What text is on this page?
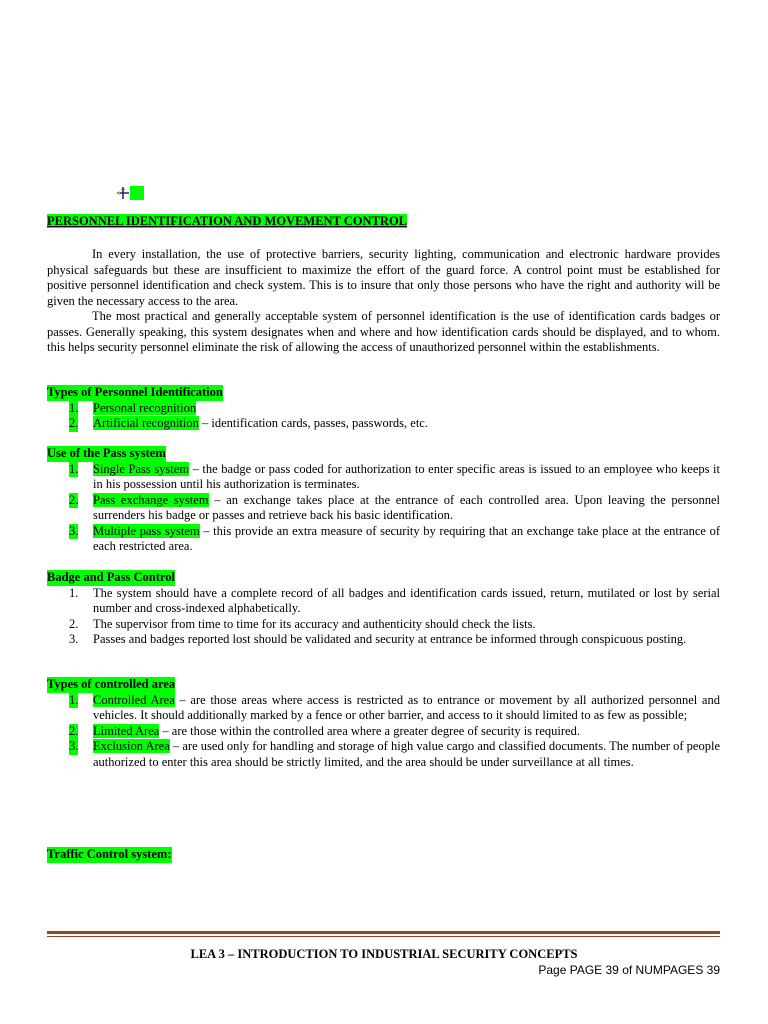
PERSONNEL IDENTIFICATION AND MOVEMENT CONTROL

In every installation, the use of protective barriers, security lighting, communication and electronic hardware provides physical safeguards but these are insufficient to maximize the effort of the guard force. A control point must be established for positive personnel identification and check system. This is to insure that only those persons who have the right and authority will be given the necessary access to the area.

The most practical and generally acceptable system of personnel identification is the use of identification cards badges or passes. Generally speaking, this system designates when and where and how identification cards should be displayed, and to whom. this helps security personnel eliminate the risk of allowing the access of unauthorized personnel within the establishments.

Types of Personnel Identification
1. Personal recognition
2. Artificial recognition – identification cards, passes, passwords, etc.
Use of the Pass system
1. Single Pass system – the badge or pass coded for authorization to enter specific areas is issued to an employee who keeps it in his possession until his authorization is terminates.
2. Pass exchange system – an exchange takes place at the entrance of each controlled area. Upon leaving the personnel surrenders his badge or passes and retrieve back his basic identification.
3. Multiple pass system – this provide an extra measure of security by requiring that an exchange take place at the entrance of each restricted area.
Badge and Pass Control
1. The system should have a complete record of all badges and identification cards issued, return, mutilated or lost by serial number and cross-indexed alphabetically.
2. The supervisor from time to time for its accuracy and authenticity should check the lists.
3. Passes and badges reported lost should be validated and security at entrance be informed through conspicuous posting.
Types of controlled area
1. Controlled Area – are those areas where access is restricted as to entrance or movement by all authorized personnel and vehicles. It should additionally marked by a fence or other barrier, and access to it should limited to as few as possible;
2. Limited Area – are those within the controlled area where a greater degree of security is required.
3. Exclusion Area – are used only for handling and storage of high value cargo and classified documents. The number of people authorized to enter this area should be strictly limited, and the area should be under surveillance at all times.
Traffic Control system:
LEA 3 – INTRODUCTION TO INDUSTRIAL SECURITY CONCEPTS
Page PAGE 39 of NUMPAGES 39
